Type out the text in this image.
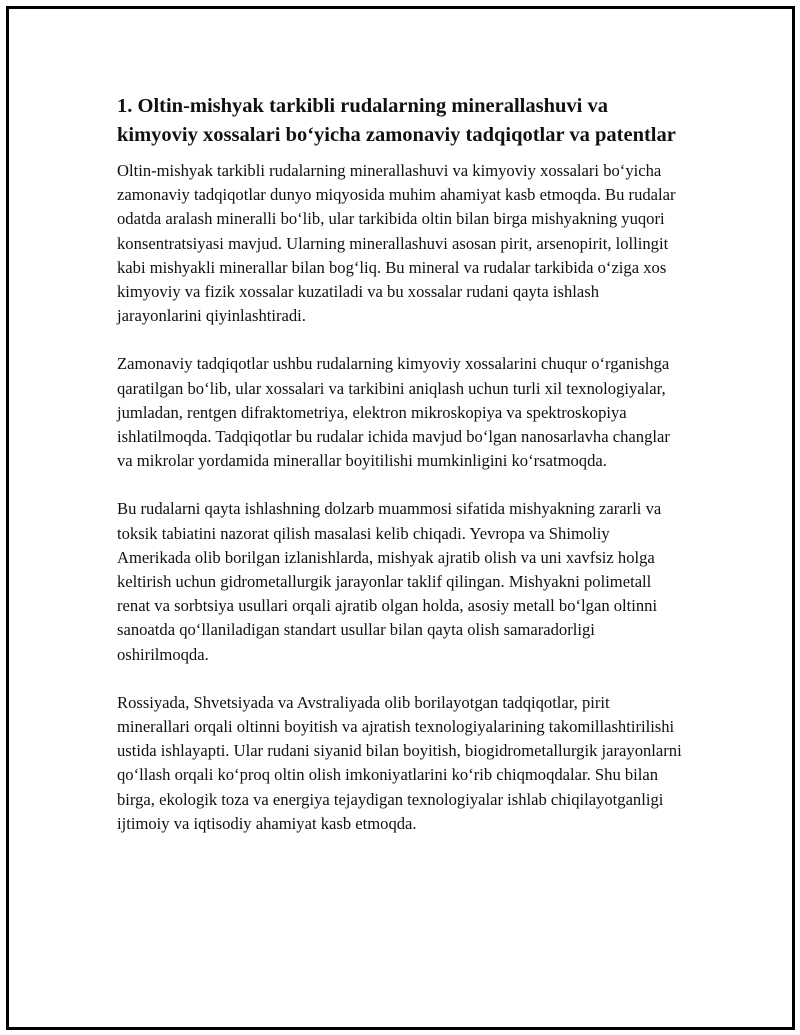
1. Oltin-mishyak tarkibli rudalarning minerallashuvi va kimyoviy xossalari bo‘yicha zamonaviy tadqiqotlar va patentlar

Oltin-mishyak tarkibli rudalarning minerallashuvi va kimyoviy xossalari bo‘yicha zamonaviy tadqiqotlar dunyo miqyosida muhim ahamiyat kasb etmoqda. Bu rudalar odatda aralash mineralli bo‘lib, ular tarkibida oltin bilan birga mishyakning yuqori konsentratsiyasi mavjud. Ularning minerallashuvi asosan pirit, arsenopirit, lollingit kabi mishyakli minerallar bilan bog‘liq. Bu mineral va rudalar tarkibida o‘ziga xos kimyoviy va fizik xossalar kuzatiladi va bu xossalar rudani qayta ishlash jarayonlarini qiyinlashtiradi.

Zamonaviy tadqiqotlar ushbu rudalarning kimyoviy xossalarini chuqur o‘rganishga qaratilgan bo‘lib, ular xossalari va tarkibini aniqlash uchun turli xil texnologiyalar, jumladan, rentgen difraktometriya, elektron mikroskopiya va spektroskopiya ishlatilmoqda. Tadqiqotlar bu rudalar ichida mavjud bo‘lgan nanosarlavha changlar va mikrolar yordamida minerallar boyitilishi mumkinligini ko‘rsatmoqda.

Bu rudalarni qayta ishlashning dolzarb muammosi sifatida mishyakning zararli va toksik tabiatini nazorat qilish masalasi kelib chiqadi. Yevropa va Shimoliy Amerikada olib borilgan izlanishlarda, mishyak ajratib olish va uni xavfsiz holga keltirish uchun gidrometallurgik jarayonlar taklif qilingan. Mishyakni polimetall renat va sorbtsiya usullari orqali ajratib olgan holda, asosiy metall bo‘lgan oltinni sanoatda qo‘llaniladigan standart usullar bilan qayta olish samaradorligi oshirilmoqda.

Rossiyada, Shvetsiyada va Avstraliyada olib borilayotgan tadqiqotlar, pirit minerallari orqali oltinni boyitish va ajratish texnologiyalarining takomillashtirilishi ustida ishlayapti. Ular rudani siyanid bilan boyitish, biogidrometallurgik jarayonlarni qo‘llash orqali ko‘proq oltin olish imkoniyatlarini ko‘rib chiqmoqdalar. Shu bilan birga, ekologik toza va energiya tejaydigan texnologiyalar ishlab chiqilayotganligi ijtimoiy va iqtisodiy ahamiyat kasb etmoqda.
